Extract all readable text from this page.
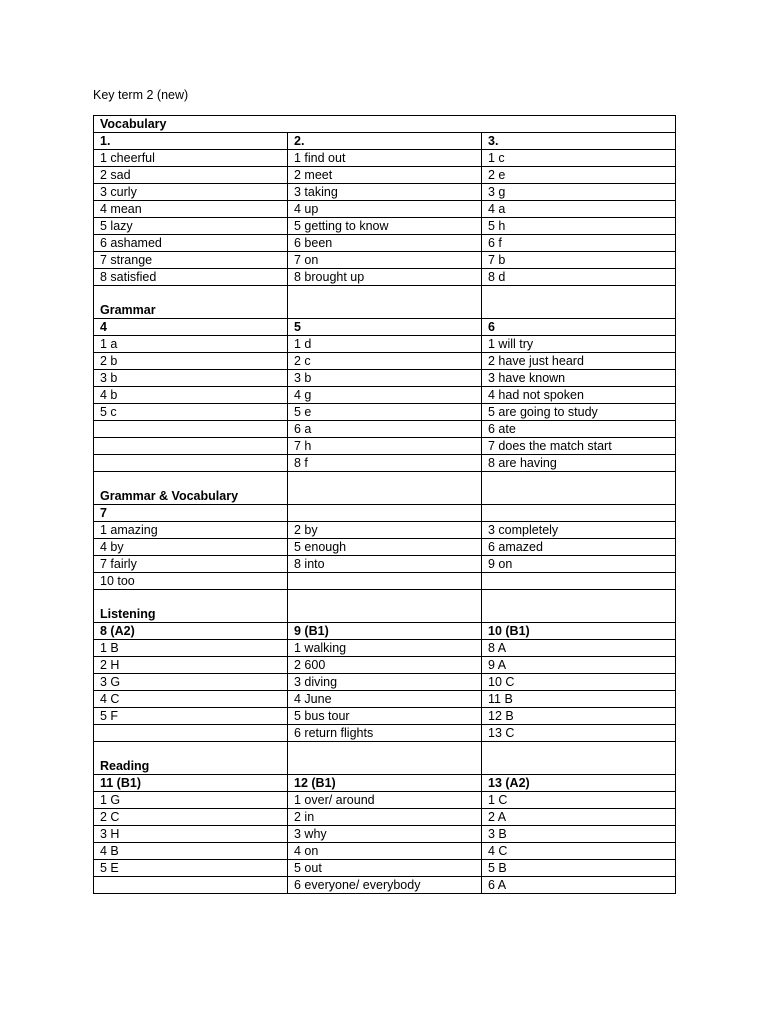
Key term 2 (new)
Vocabulary		
1.	2.	3.
1 cheerful	1 find out	1 c
2 sad	2 meet	2 e
3 curly	3 taking	3 g
4 mean	4 up	4 a
5 lazy	5 getting to know	5 h
6 ashamed	6 been	6 f
7 strange	7 on	7 b
8 satisfied	8 brought up	8 d
Grammar		
4	5	6
1 a	1 d	1 will try
2 b	2 c	2 have just heard
3 b	3 b	3 have known
4 b	4 g	4 had not spoken
5 c	5 e	5 are going to study
	6 a	6 ate
	7 h	7 does the match start
	8 f	8 are having
Grammar & Vocabulary		
7		
1 amazing	2 by	3 completely
4 by	5 enough	6 amazed
7 fairly	8 into	9 on
10 too		
Listening		
8 (A2)	9 (B1)	10 (B1)
1 B	1 walking	8 A
2 H	2 600	9 A
3 G	3 diving	10 C
4 C	4 June	11 B
5 F	5 bus tour	12 B
	6 return flights	13 C
Reading		
11 (B1)	12 (B1)	13 (A2)
1 G	1 over/ around	1 C
2 C	2 in	2 A
3 H	3 why	3 B
4 B	4 on	4 C
5 E	5 out	5 B
	6 everyone/ everybody	6 A
